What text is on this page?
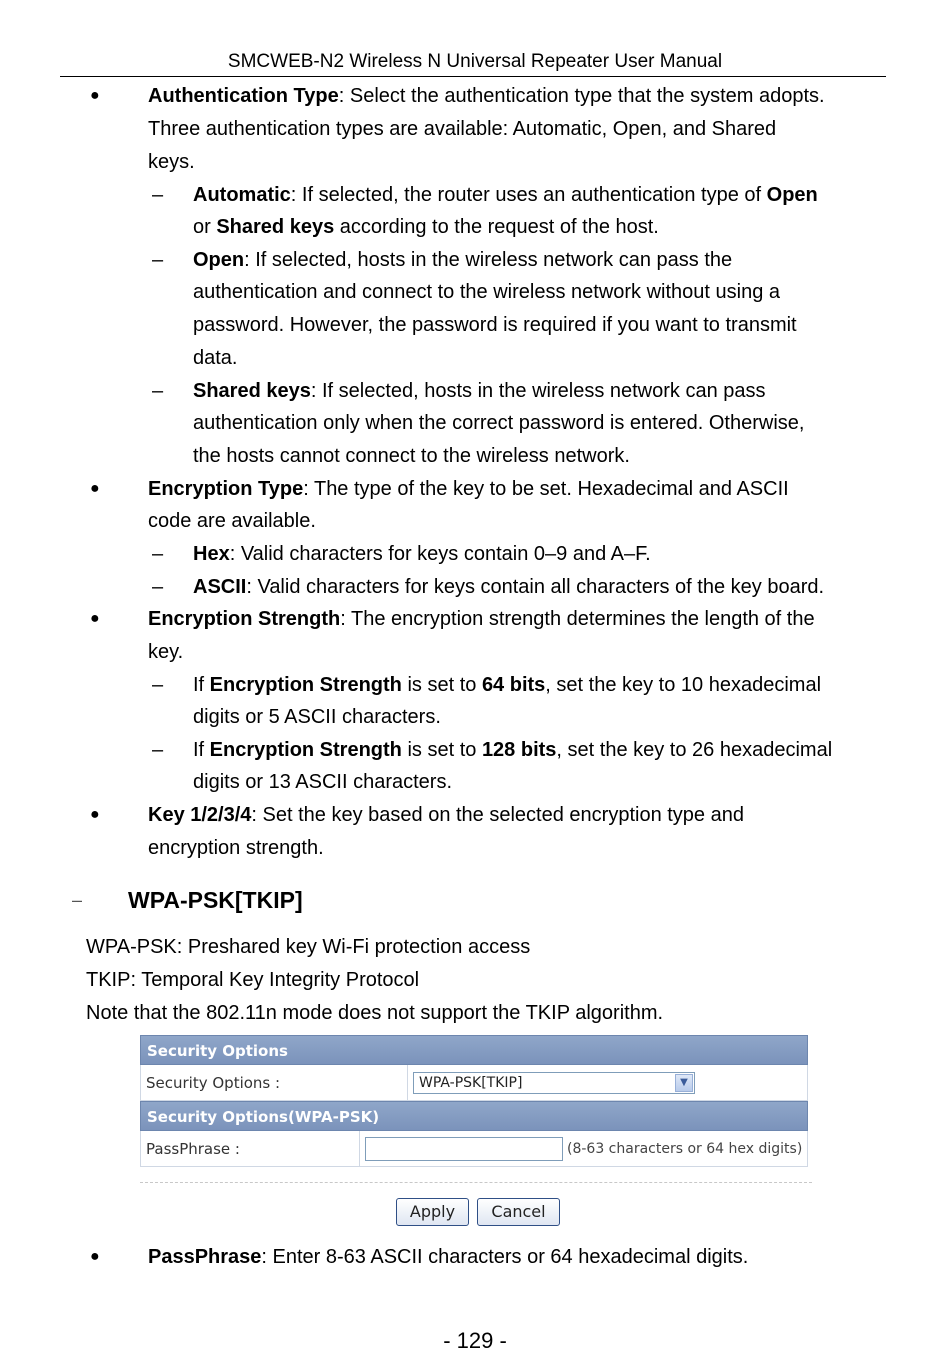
SMCWEB-N2 Wireless N Universal Repeater User Manual
● Authentication Type: Select the authentication type that the system adopts.
Three authentication types are available: Automatic, Open, and Shared
keys.
– Automatic: If selected, the router uses an authentication type of Open
or Shared keys according to the request of the host.
– Open: If selected, hosts in the wireless network can pass the
authentication and connect to the wireless network without using a
password. However, the password is required if you want to transmit
data.
– Shared keys: If selected, hosts in the wireless network can pass
authentication only when the correct password is entered. Otherwise,
the hosts cannot connect to the wireless network.
● Encryption Type: The type of the key to be set. Hexadecimal and ASCII
code are available.
– Hex: Valid characters for keys contain 0–9 and A–F.
– ASCII: Valid characters for keys contain all characters of the key board.
● Encryption Strength: The encryption strength determines the length of the
key.
– If Encryption Strength is set to 64 bits, set the key to 10 hexadecimal
digits or 5 ASCII characters.
– If Encryption Strength is set to 128 bits, set the key to 26 hexadecimal
digits or 13 ASCII characters.
● Key 1/2/3/4: Set the key based on the selected encryption type and
encryption strength.
– WPA-PSK[TKIP]
WPA-PSK: Preshared key Wi-Fi protection access
TKIP: Temporal Key Integrity Protocol
Note that the 802.11n mode does not support the TKIP algorithm.
Security Options
Security Options :	WPA-PSK[TKIP]	▼
Security Options(WPA-PSK)
PassPhrase :	(8-63 characters or 64 hex digits)
Apply	Cancel
● PassPhrase: Enter 8-63 ASCII characters or 64 hexadecimal digits.
- 129 -
